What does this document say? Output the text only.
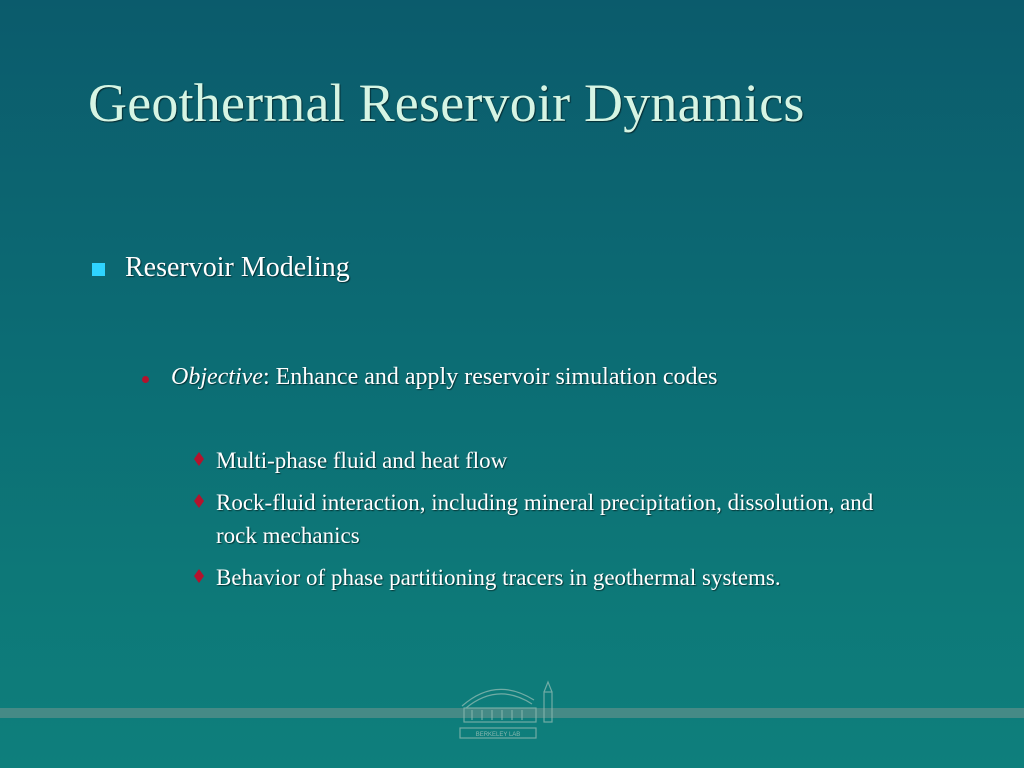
Geothermal Reservoir Dynamics
Reservoir Modeling
Objective: Enhance and apply reservoir simulation codes
Multi-phase fluid and heat flow
Rock-fluid interaction, including mineral precipitation, dissolution, and rock mechanics
Behavior of phase partitioning tracers in geothermal systems.
BERKELEY LAB
